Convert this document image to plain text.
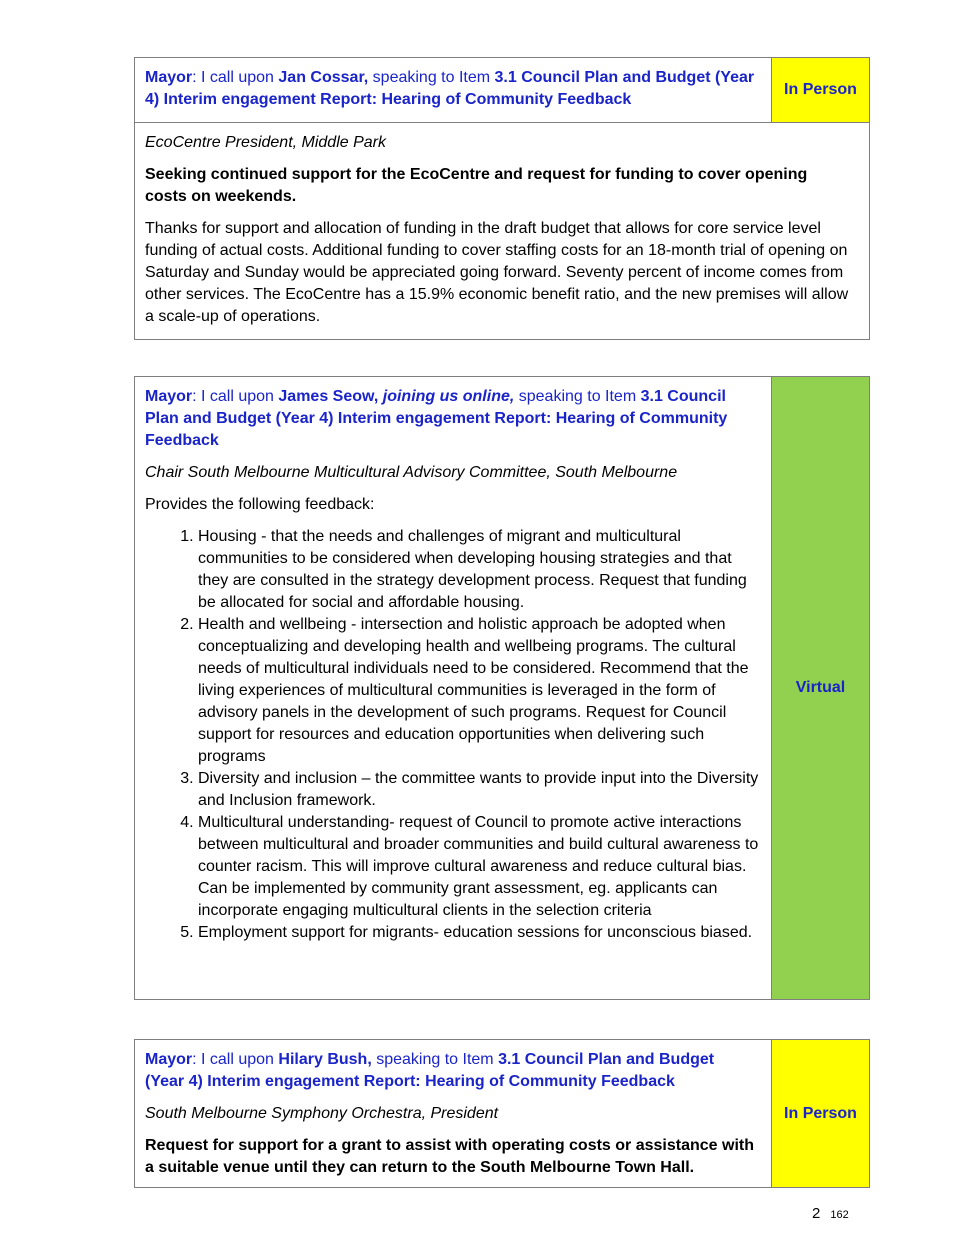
Mayor: I call upon Jan Cossar, speaking to Item 3.1 Council Plan and Budget (Year 4) Interim engagement Report: Hearing of Community Feedback

In Person

EcoCentre President, Middle Park

Seeking continued support for the EcoCentre and request for funding to cover opening costs on weekends.

Thanks for support and allocation of funding in the draft budget that allows for core service level funding of actual costs. Additional funding to cover staffing costs for an 18-month trial of opening on Saturday and Sunday would be appreciated going forward. Seventy percent of income comes from other services. The EcoCentre has a 15.9% economic benefit ratio, and the new premises will allow a scale-up of operations.

Mayor: I call upon James Seow, joining us online, speaking to Item 3.1 Council Plan and Budget (Year 4) Interim engagement Report: Hearing of Community Feedback

Chair South Melbourne Multicultural Advisory Committee, South Melbourne

Provides the following feedback:

1. Housing - that the needs and challenges of migrant and multicultural communities to be considered when developing housing strategies and that they are consulted in the strategy development process. Request that funding be allocated for social and affordable housing.
2. Health and wellbeing - intersection and holistic approach be adopted when conceptualizing and developing health and wellbeing programs. The cultural needs of multicultural individuals need to be considered. Recommend that the living experiences of multicultural communities is leveraged in the form of advisory panels in the development of such programs. Request for Council support for resources and education opportunities when delivering such programs
3. Diversity and inclusion – the committee wants to provide input into the Diversity and Inclusion framework.
4. Multicultural understanding- request of Council to promote active interactions between multicultural and broader communities and build cultural awareness to counter racism. This will improve cultural awareness and reduce cultural bias. Can be implemented by community grant assessment, eg. applicants can incorporate engaging multicultural clients in the selection criteria
5. Employment support for migrants- education sessions for unconscious biased.
Virtual

Mayor: I call upon Hilary Bush, speaking to Item 3.1 Council Plan and Budget (Year 4) Interim engagement Report: Hearing of Community Feedback

South Melbourne Symphony Orchestra, President

Request for support for a grant to assist with operating costs or assistance with a suitable venue until they can return to the South Melbourne Town Hall.

In Person
2 162
